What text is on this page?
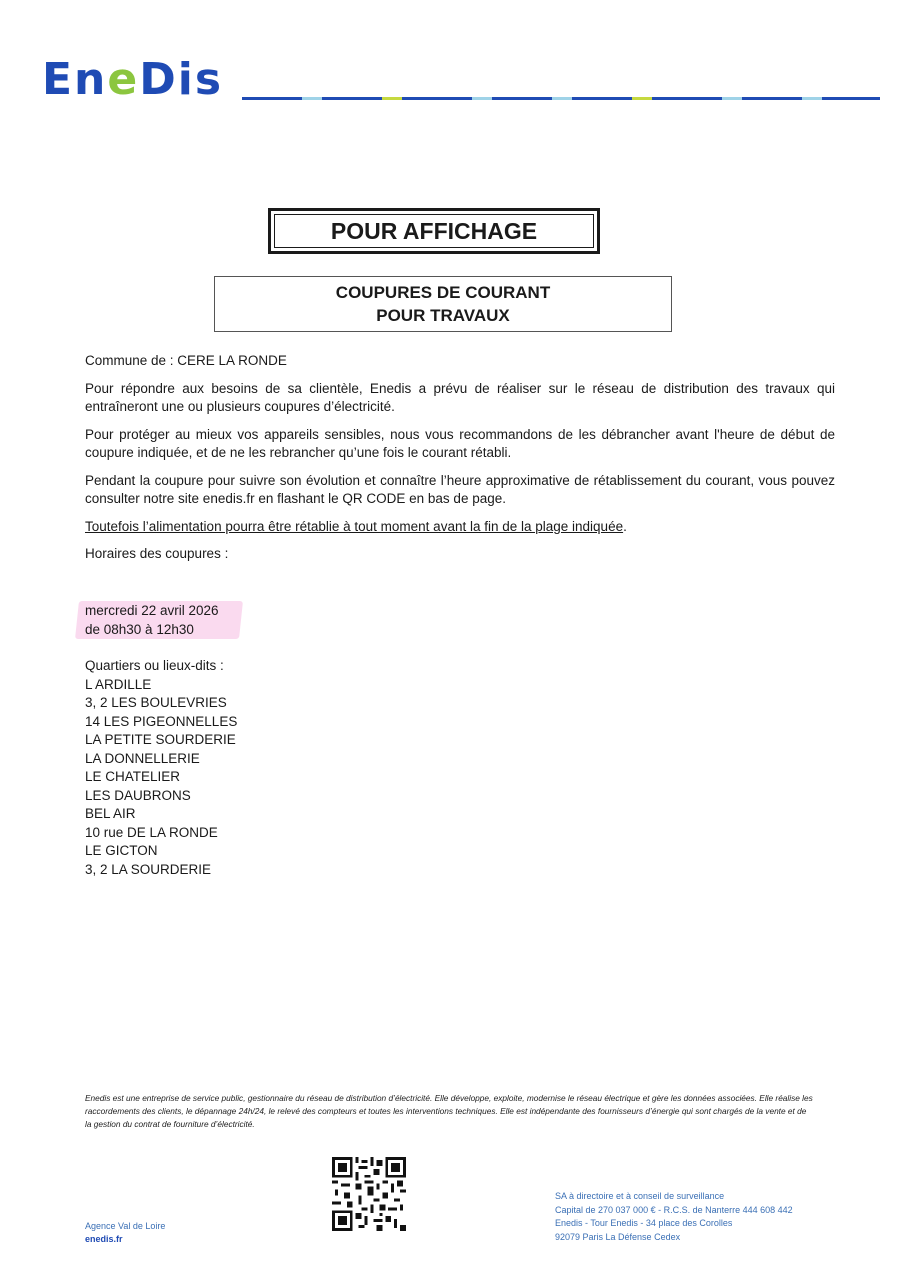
EneDis
POUR AFFICHAGE
COUPURES DE COURANT
POUR TRAVAUX

Commune de : CERE LA RONDE

Pour répondre aux besoins de sa clientèle, Enedis a prévu de réaliser sur le réseau de distribution des travaux qui entraîneront une ou plusieurs coupures d’électricité.

Pour protéger au mieux vos appareils sensibles, nous vous recommandons de les débrancher avant l'heure de début de coupure indiquée, et de ne les rebrancher qu’une fois le courant rétabli.

Pendant la coupure pour suivre son évolution et connaître l’heure approximative de rétablissement du courant, vous pouvez consulter notre site enedis.fr en flashant le QR CODE en bas de page.

Toutefois l’alimentation pourra être rétablie à tout moment avant la fin de la plage indiquée.

Horaires des coupures :

mercredi 22 avril 2026
de 08h30 à 12h30
Quartiers ou lieux-dits :
L ARDILLE
3, 2 LES BOULEVRIES
14 LES PIGEONNELLES
LA PETITE SOURDERIE
LA DONNELLERIE
LE CHATELIER
LES DAUBRONS
BEL AIR
10 rue DE LA RONDE
LE GICTON
3, 2 LA SOURDERIE
Enedis est une entreprise de service public, gestionnaire du réseau de distribution d’électricité. Elle développe, exploite, modernise le réseau électrique et gère les données associées. Elle réalise les raccordements des clients, le dépannage 24h/24, le relevé des compteurs et toutes les interventions techniques. Elle est indépendante des fournisseurs d’énergie qui sont chargés de la vente et de la gestion du contrat de fourniture d’électricité.
Agence Val de Loire
enedis.fr
SA à directoire et à conseil de surveillance
Capital de 270 037 000 € - R.C.S. de Nanterre 444 608 442
Enedis - Tour Enedis - 34 place des Corolles
92079 Paris La Défense Cedex
